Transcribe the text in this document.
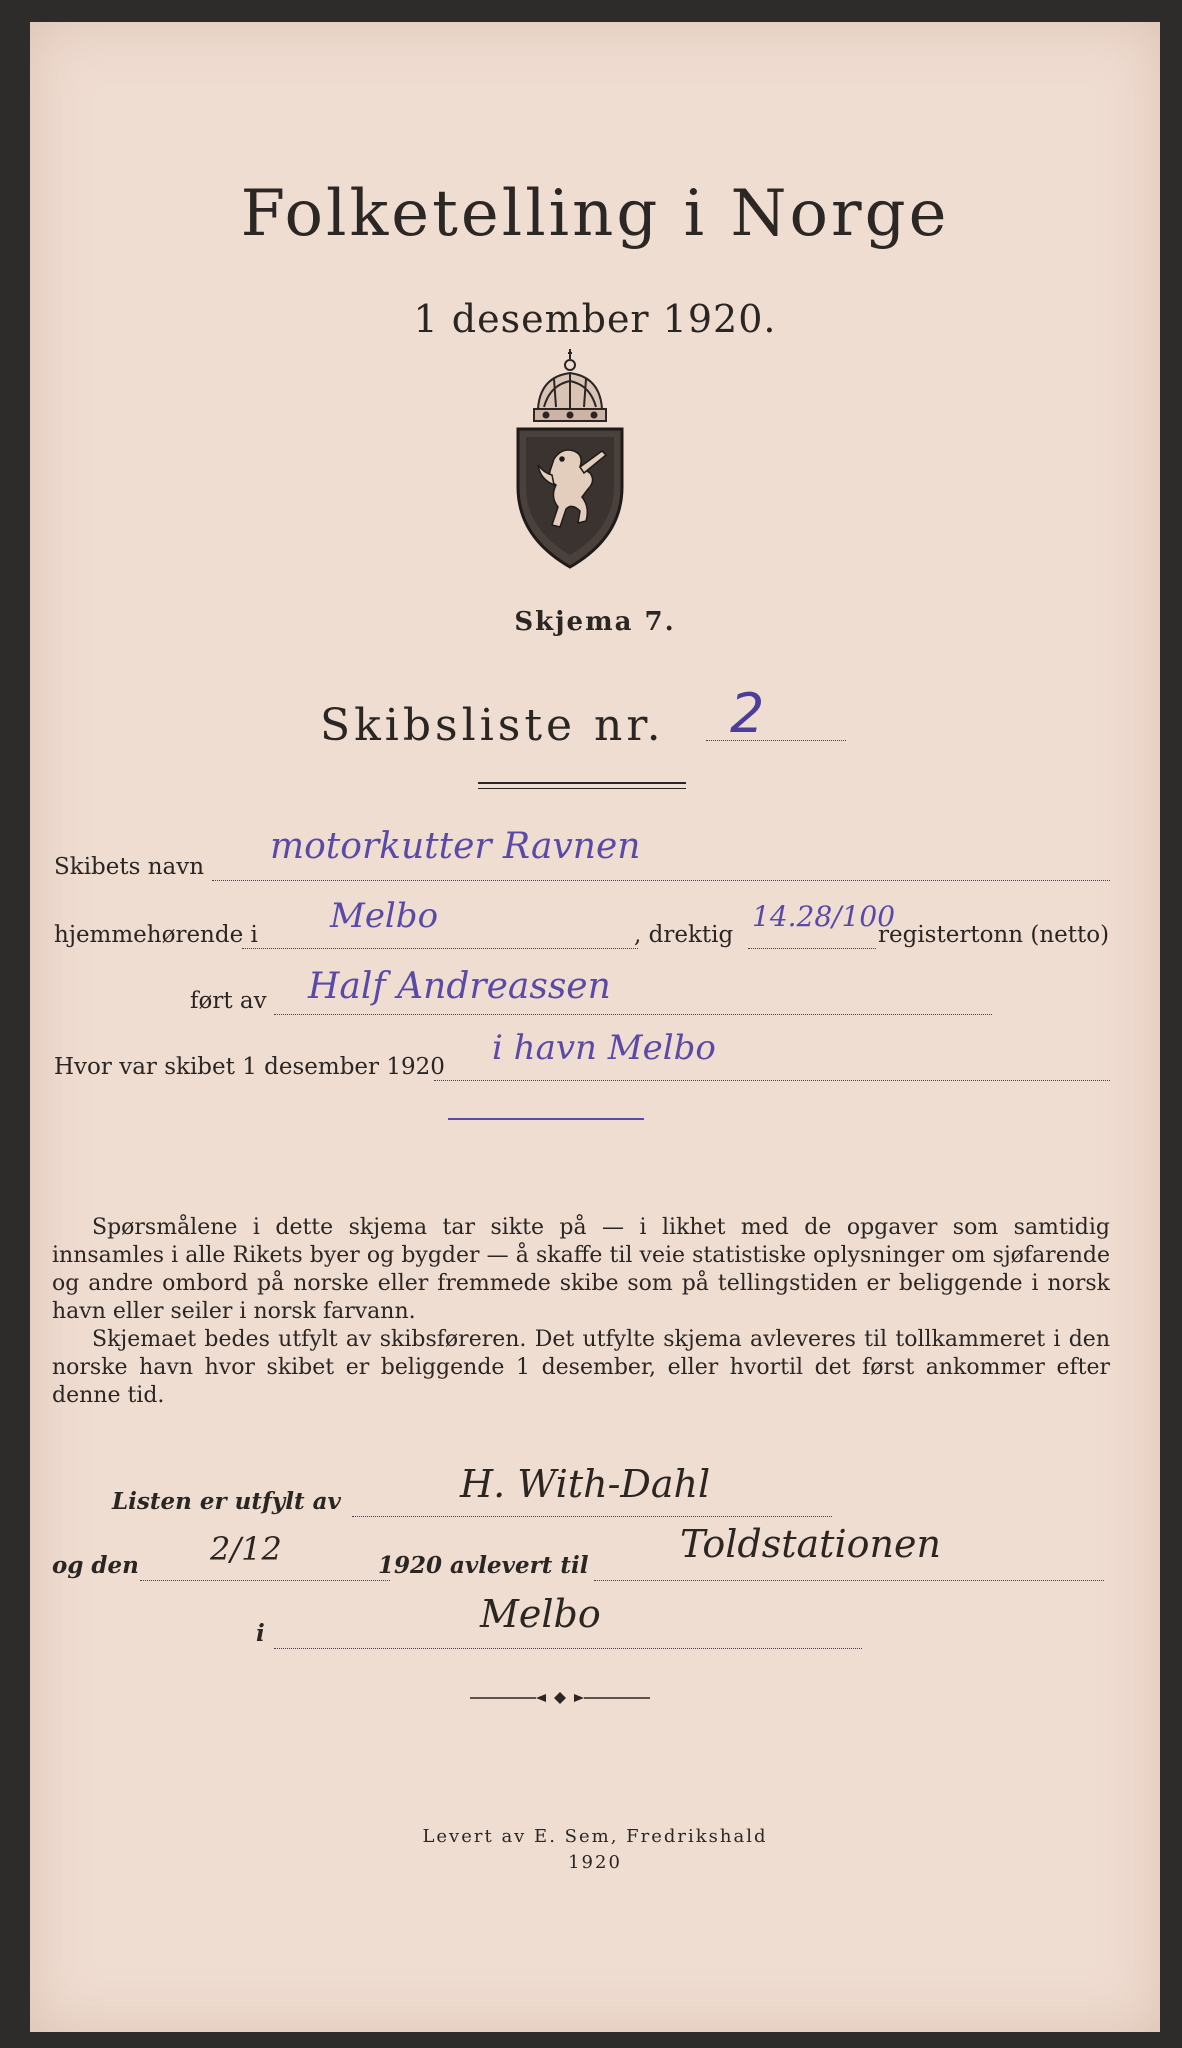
Folketelling i Norge
1 desember 1920.
Skjema 7.
Skibsliste nr. 2
Skibets navn motorkutter Ravnen
hjemmehørende i Melbo	, drektig
14.28/100
registertonn (netto)
ført av Half Andreassen
Hvor var skibet 1 desember 1920 i havn Melbo
Spørsmålene i dette skjema tar sikte på — i likhet med de opgaver som samtidig innsamles i alle Rikets byer og bygder — å skaffe til veie statistiske oplysninger om sjøfarende og andre ombord på norske eller fremmede skibe som på tellingstiden er beliggende i norsk havn eller seiler i norsk farvann.
Skjemaet bedes utfylt av skibsføreren. Det utfylte skjema avleveres til tollkammeret i den norske havn hvor skibet er beliggende 1 desember, eller hvortil det først ankommer efter denne tid.
Listen er utfylt av	H. With-Dahl
og den 2/12	1920 avlevert til Toldstationen
i	Melbo
Levert av E. Sem, Fredrikshald
1920
